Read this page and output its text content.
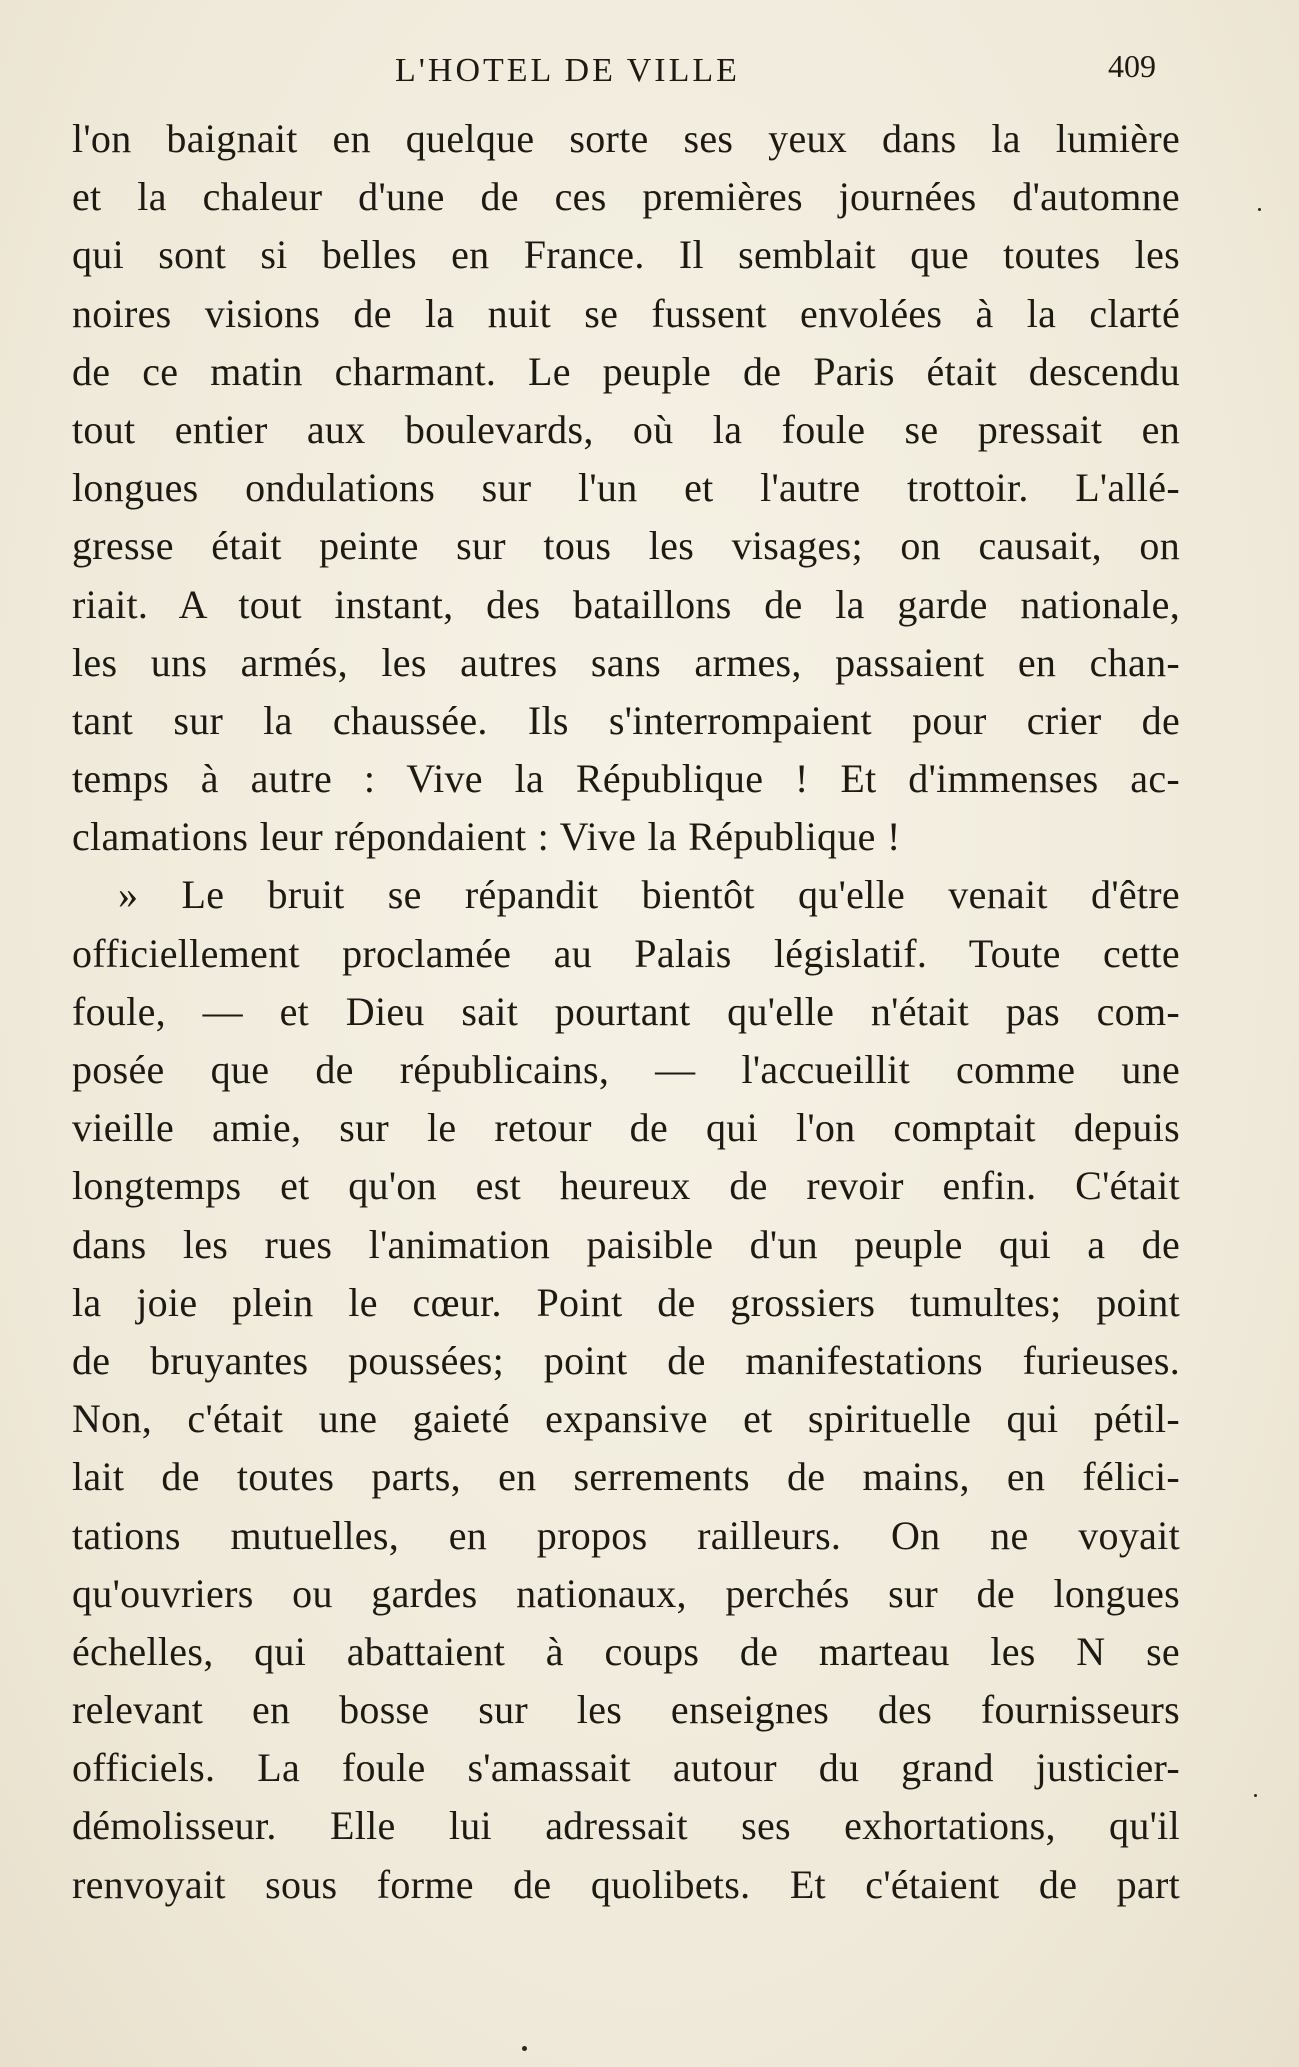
L'HOTEL DE VILLE	409
l'on baignait en quelque sorte ses yeux dans la lumière
et la chaleur d'une de ces premières journées d'automne
qui sont si belles en France. Il semblait que toutes les
noires visions de la nuit se fussent envolées à la clarté
de ce matin charmant. Le peuple de Paris était descendu
tout entier aux boulevards, où la foule se pressait en
longues ondulations sur l'un et l'autre trottoir. L'allé-
gresse était peinte sur tous les visages; on causait, on
riait. A tout instant, des bataillons de la garde nationale,
les uns armés, les autres sans armes, passaient en chan-
tant sur la chaussée. Ils s'interrompaient pour crier de
temps à autre : Vive la République ! Et d'immenses ac-
clamations leur répondaient : Vive la République !
» Le bruit se répandit bientôt qu'elle venait d'être
officiellement proclamée au Palais législatif. Toute cette
foule, — et Dieu sait pourtant qu'elle n'était pas com-
posée que de républicains, — l'accueillit comme une
vieille amie, sur le retour de qui l'on comptait depuis
longtemps et qu'on est heureux de revoir enfin. C'était
dans les rues l'animation paisible d'un peuple qui a de
la joie plein le cœur. Point de grossiers tumultes; point
de bruyantes poussées; point de manifestations furieuses.
Non, c'était une gaieté expansive et spirituelle qui pétil-
lait de toutes parts, en serrements de mains, en félici-
tations mutuelles, en propos railleurs. On ne voyait
qu'ouvriers ou gardes nationaux, perchés sur de longues
échelles, qui abattaient à coups de marteau les N se
relevant en bosse sur les enseignes des fournisseurs
officiels. La foule s'amassait autour du grand justicier-
démolisseur. Elle lui adressait ses exhortations, qu'il
renvoyait sous forme de quolibets. Et c'étaient de part
